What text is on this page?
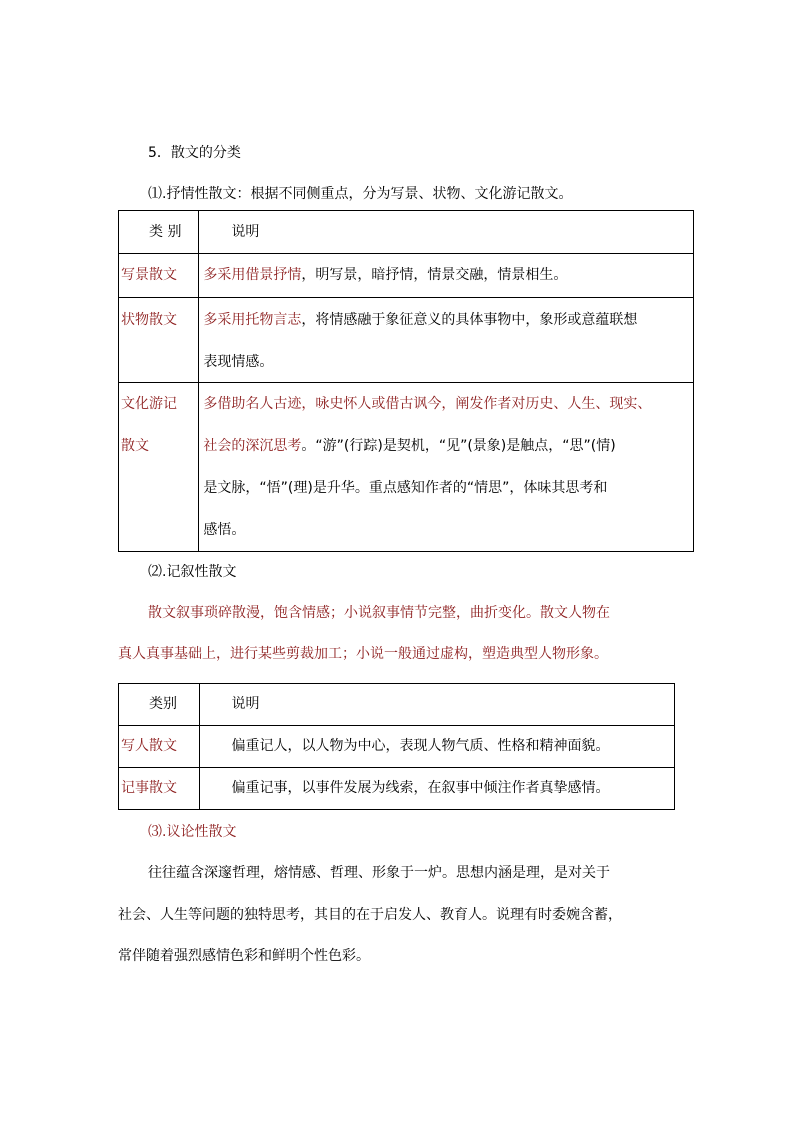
5．散文的分类
⑴.抒情性散文：根据不同侧重点，分为写景、状物、文化游记散文。
类 别	说明

写景散文	多采用借景抒情，明写景，暗抒情，情景交融，情景相生。

状物散文	多采用托物言志，将情感融于象征意义的具体事物中，象形或意蕴联想
表现情感。

文化游记
散文	多借助名人古迹，咏史怀人或借古讽今，阐发作者对历史、人生、现实、
社会的深沉思考。“游”(行踪)是契机，“见”(景象)是触点，“思”(情)
是文脉，“悟”(理)是升华。重点感知作者的“情思”，体味其思考和
感悟。
⑵.记叙性散文
散文叙事琐碎散漫，饱含情感；小说叙事情节完整，曲折变化。散文人物在
真人真事基础上，进行某些剪裁加工；小说一般通过虚构，塑造典型人物形象。
类别	说明

写人散文	偏重记人，以人物为中心，表现人物气质、性格和精神面貌。

记事散文	偏重记事，以事件发展为线索，在叙事中倾注作者真挚感情。
⑶.议论性散文
往往蕴含深邃哲理，熔情感、哲理、形象于一炉。思想内涵是理，是对关于
社会、人生等问题的独特思考，其目的在于启发人、教育人。说理有时委婉含蓄，
常伴随着强烈感情色彩和鲜明个性色彩。
